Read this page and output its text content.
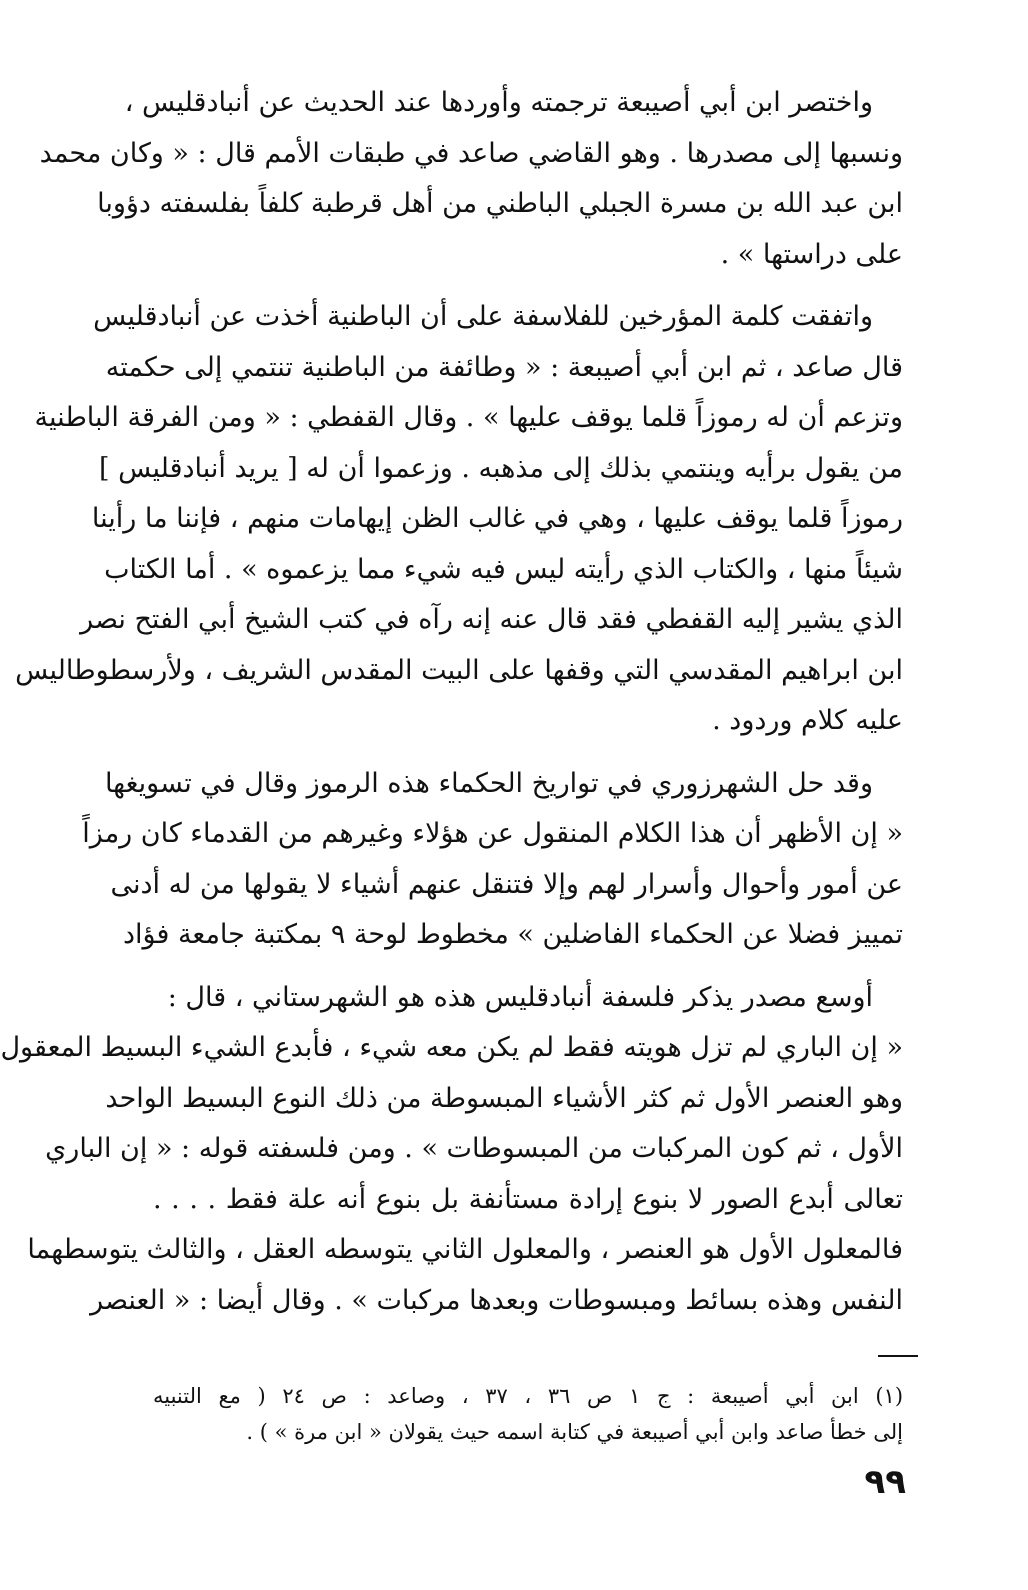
واختصر ابن أبي أصيبعة ترجمته وأوردها عند الحديث عن أنبادقليس ،
ونسبها إلى مصدرها . وهو القاضي صاعد في طبقات الأمم قال : « وكان محمد
ابن عبد الله بن مسرة الجبلي الباطني من أهل قرطبة كلفاً بفلسفته دؤوبا
على دراستها » .

واتفقت كلمة المؤرخين للفلاسفة على أن الباطنية أخذت عن أنبادقليس
قال صاعد ، ثم ابن أبي أصيبعة : « وطائفة من الباطنية تنتمي إلى حكمته
وتزعم أن له رموزاً قلما يوقف عليها » . وقال القفطي : « ومن الفرقة الباطنية
من يقول برأيه وينتمي بذلك إلى مذهبه . وزعموا أن له [ يريد أنبادقليس ]
رموزاً قلما يوقف عليها ، وهي في غالب الظن إيهامات منهم ، فإننا ما رأينا
شيئاً منها ، والكتاب الذي رأيته ليس فيه شيء مما يزعموه » . أما الكتاب
الذي يشير إليه القفطي فقد قال عنه إنه رآه في كتب الشيخ أبي الفتح نصر
ابن ابراهيم المقدسي التي وقفها على البيت المقدس الشريف ، ولأرسطوطاليس
عليه كلام وردود .

وقد حل الشهرزوري في تواريخ الحكماء هذه الرموز وقال في تسويغها
« إن الأظهر أن هذا الكلام المنقول عن هؤلاء وغيرهم من القدماء كان رمزاً
عن أمور وأحوال وأسرار لهم وإلا فتنقل عنهم أشياء لا يقولها من له أدنى
تمييز فضلا عن الحكماء الفاضلين » مخطوط لوحة ٩ بمكتبة جامعة فؤاد

أوسع مصدر يذكر فلسفة أنبادقليس هذه هو الشهرستاني ، قال :
« إن الباري لم تزل هويته فقط لم يكن معه شيء ، فأبدع الشيء البسيط المعقول
وهو العنصر الأول ثم كثر الأشياء المبسوطة من ذلك النوع البسيط الواحد
الأول ، ثم كون المركبات من المبسوطات » . ومن فلسفته قوله : « إن الباري
تعالى أبدع الصور لا بنوع إرادة مستأنفة بل بنوع أنه علة فقط . . . .
فالمعلول الأول هو العنصر ، والمعلول الثاني يتوسطه العقل ، والثالث يتوسطهما
النفس وهذه بسائط ومبسوطات وبعدها مركبات » . وقال أيضا : « العنصر

(١) ابن أبي أصيبعة : ج ١ ص ٣٦ ، ٣٧ ، وصاعد : ص ٢٤ ( مع التنبيه
إلى خطأ صاعد وابن أبي أصيبعة في كتابة اسمه حيث يقولان « ابن مرة » ) .
٩٩
